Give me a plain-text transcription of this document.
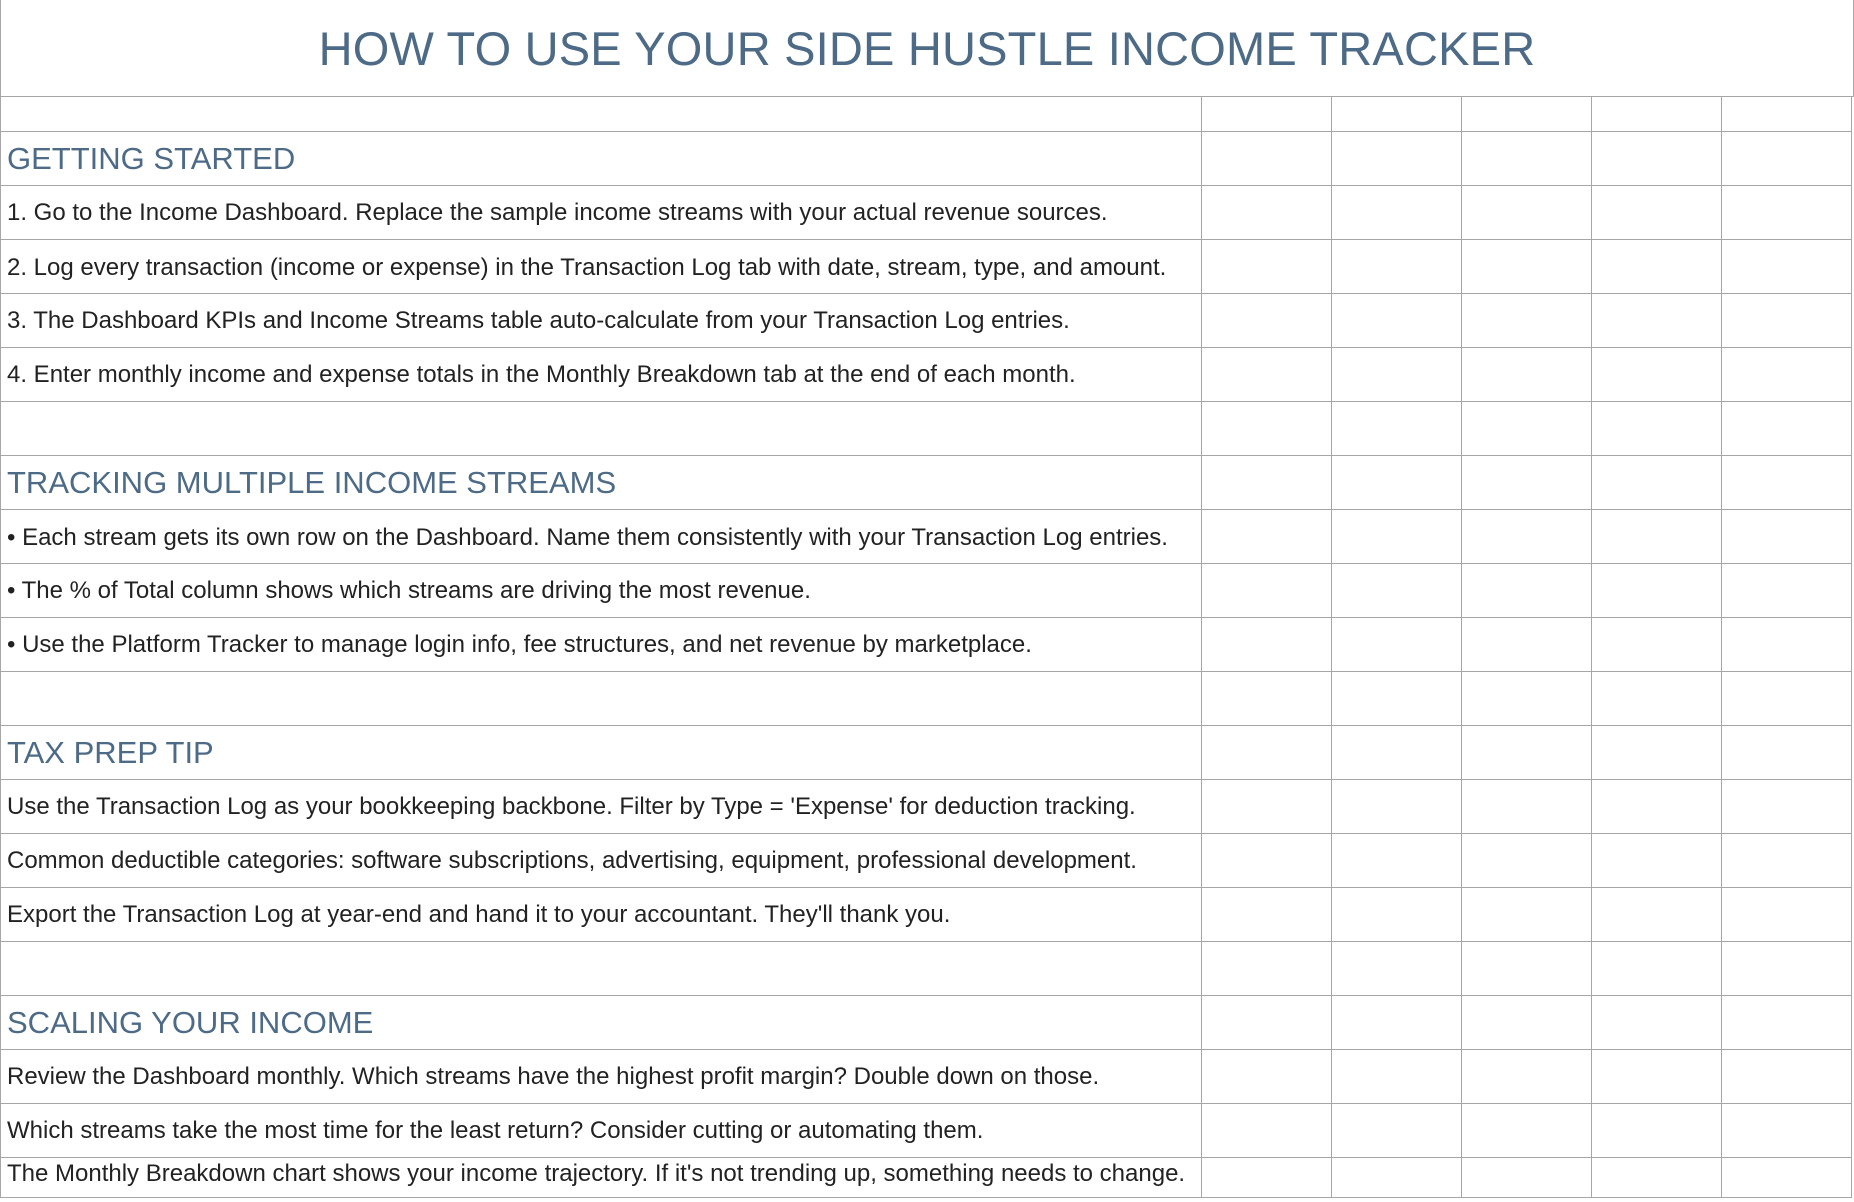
HOW TO USE YOUR SIDE HUSTLE INCOME TRACKER

GETTING STARTED					
1. Go to the Income Dashboard. Replace the sample income streams with your actual revenue sources.					
2. Log every transaction (income or expense) in the Transaction Log tab with date, stream, type, and amount.					
3. The Dashboard KPIs and Income Streams table auto-calculate from your Transaction Log entries.					
4. Enter monthly income and expense totals in the Monthly Breakdown tab at the end of each month.					

TRACKING MULTIPLE INCOME STREAMS					
• Each stream gets its own row on the Dashboard. Name them consistently with your Transaction Log entries.					
• The % of Total column shows which streams are driving the most revenue.					
• Use the Platform Tracker to manage login info, fee structures, and net revenue by marketplace.					

TAX PREP TIP					
Use the Transaction Log as your bookkeeping backbone. Filter by Type = 'Expense' for deduction tracking.					
Common deductible categories: software subscriptions, advertising, equipment, professional development.					
Export the Transaction Log at year-end and hand it to your accountant. They'll thank you.					

SCALING YOUR INCOME					
Review the Dashboard monthly. Which streams have the highest profit margin? Double down on those.					
Which streams take the most time for the least return? Consider cutting or automating them.					
The Monthly Breakdown chart shows your income trajectory. If it's not trending up, something needs to change.					
